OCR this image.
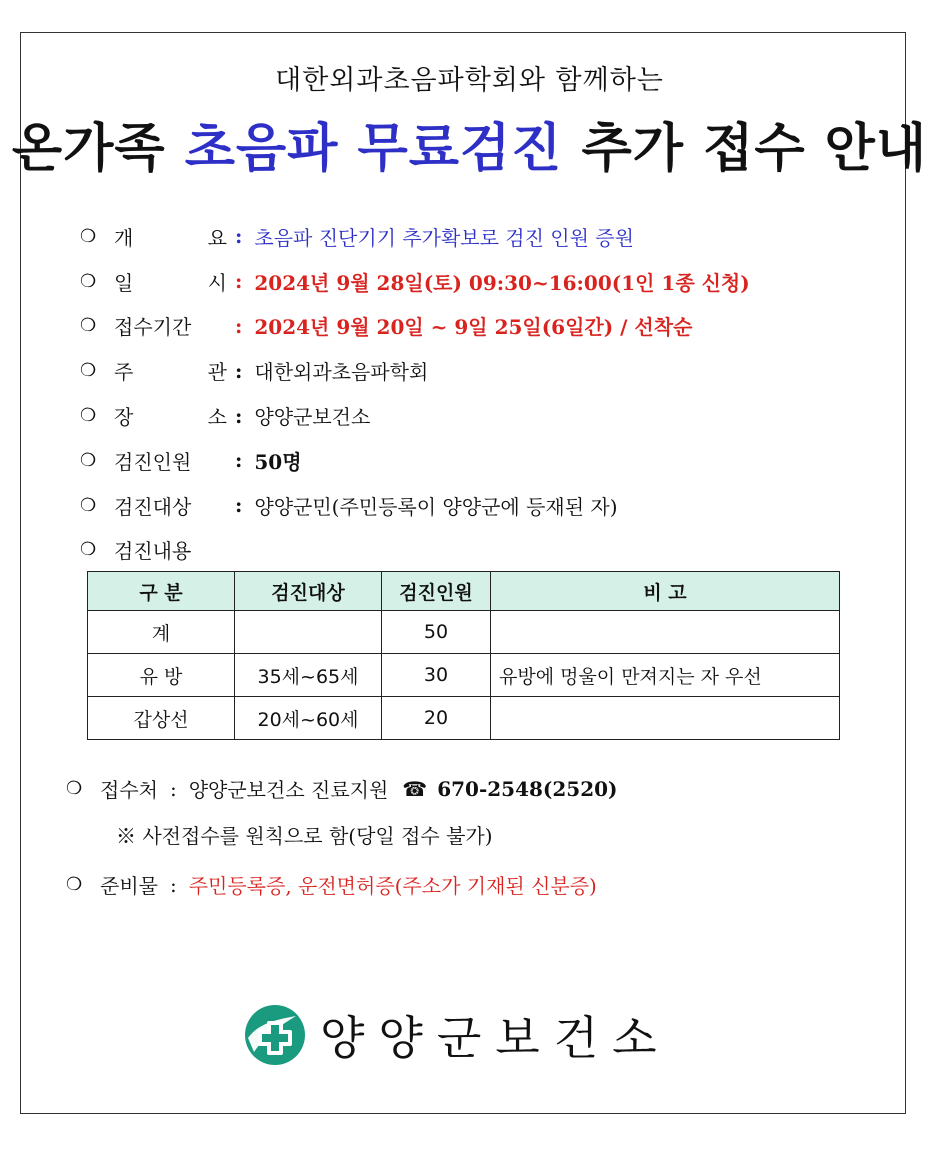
대한외과초음파학회와 함께하는
온가족 초음파 무료검진 추가 접수 안내
❍ 개	요 : 초음파 진단기기 추가확보로 검진 인원 증원
❍ 일	시 : 2024년 9월 28일(토) 09:30~16:00(1인 1종 신청)
❍ 접수기간	: 2024년 9월 20일 ~ 9일 25일(6일간) / 선착순
❍ 주	관 : 대한외과초음파학회
❍ 장	소 : 양양군보건소
❍ 검진인원	: 50명
❍ 검진대상	: 양양군민(주민등록이 양양군에 등재된 자)
❍ 검진내용
구 분	검진대상	검진인원	비 고
계		50	
유 방	35세~65세	30	유방에 멍울이 만져지는 자 우선
갑상선	20세~60세	20	
❍ 접수처 : 양양군보건소 진료지원 ☎ 670-2548(2520)
※ 사전접수를 원칙으로 함(당일 접수 불가)
❍ 준비물 : 주민등록증, 운전면허증(주소가 기재된 신분증)
양양군보건소
